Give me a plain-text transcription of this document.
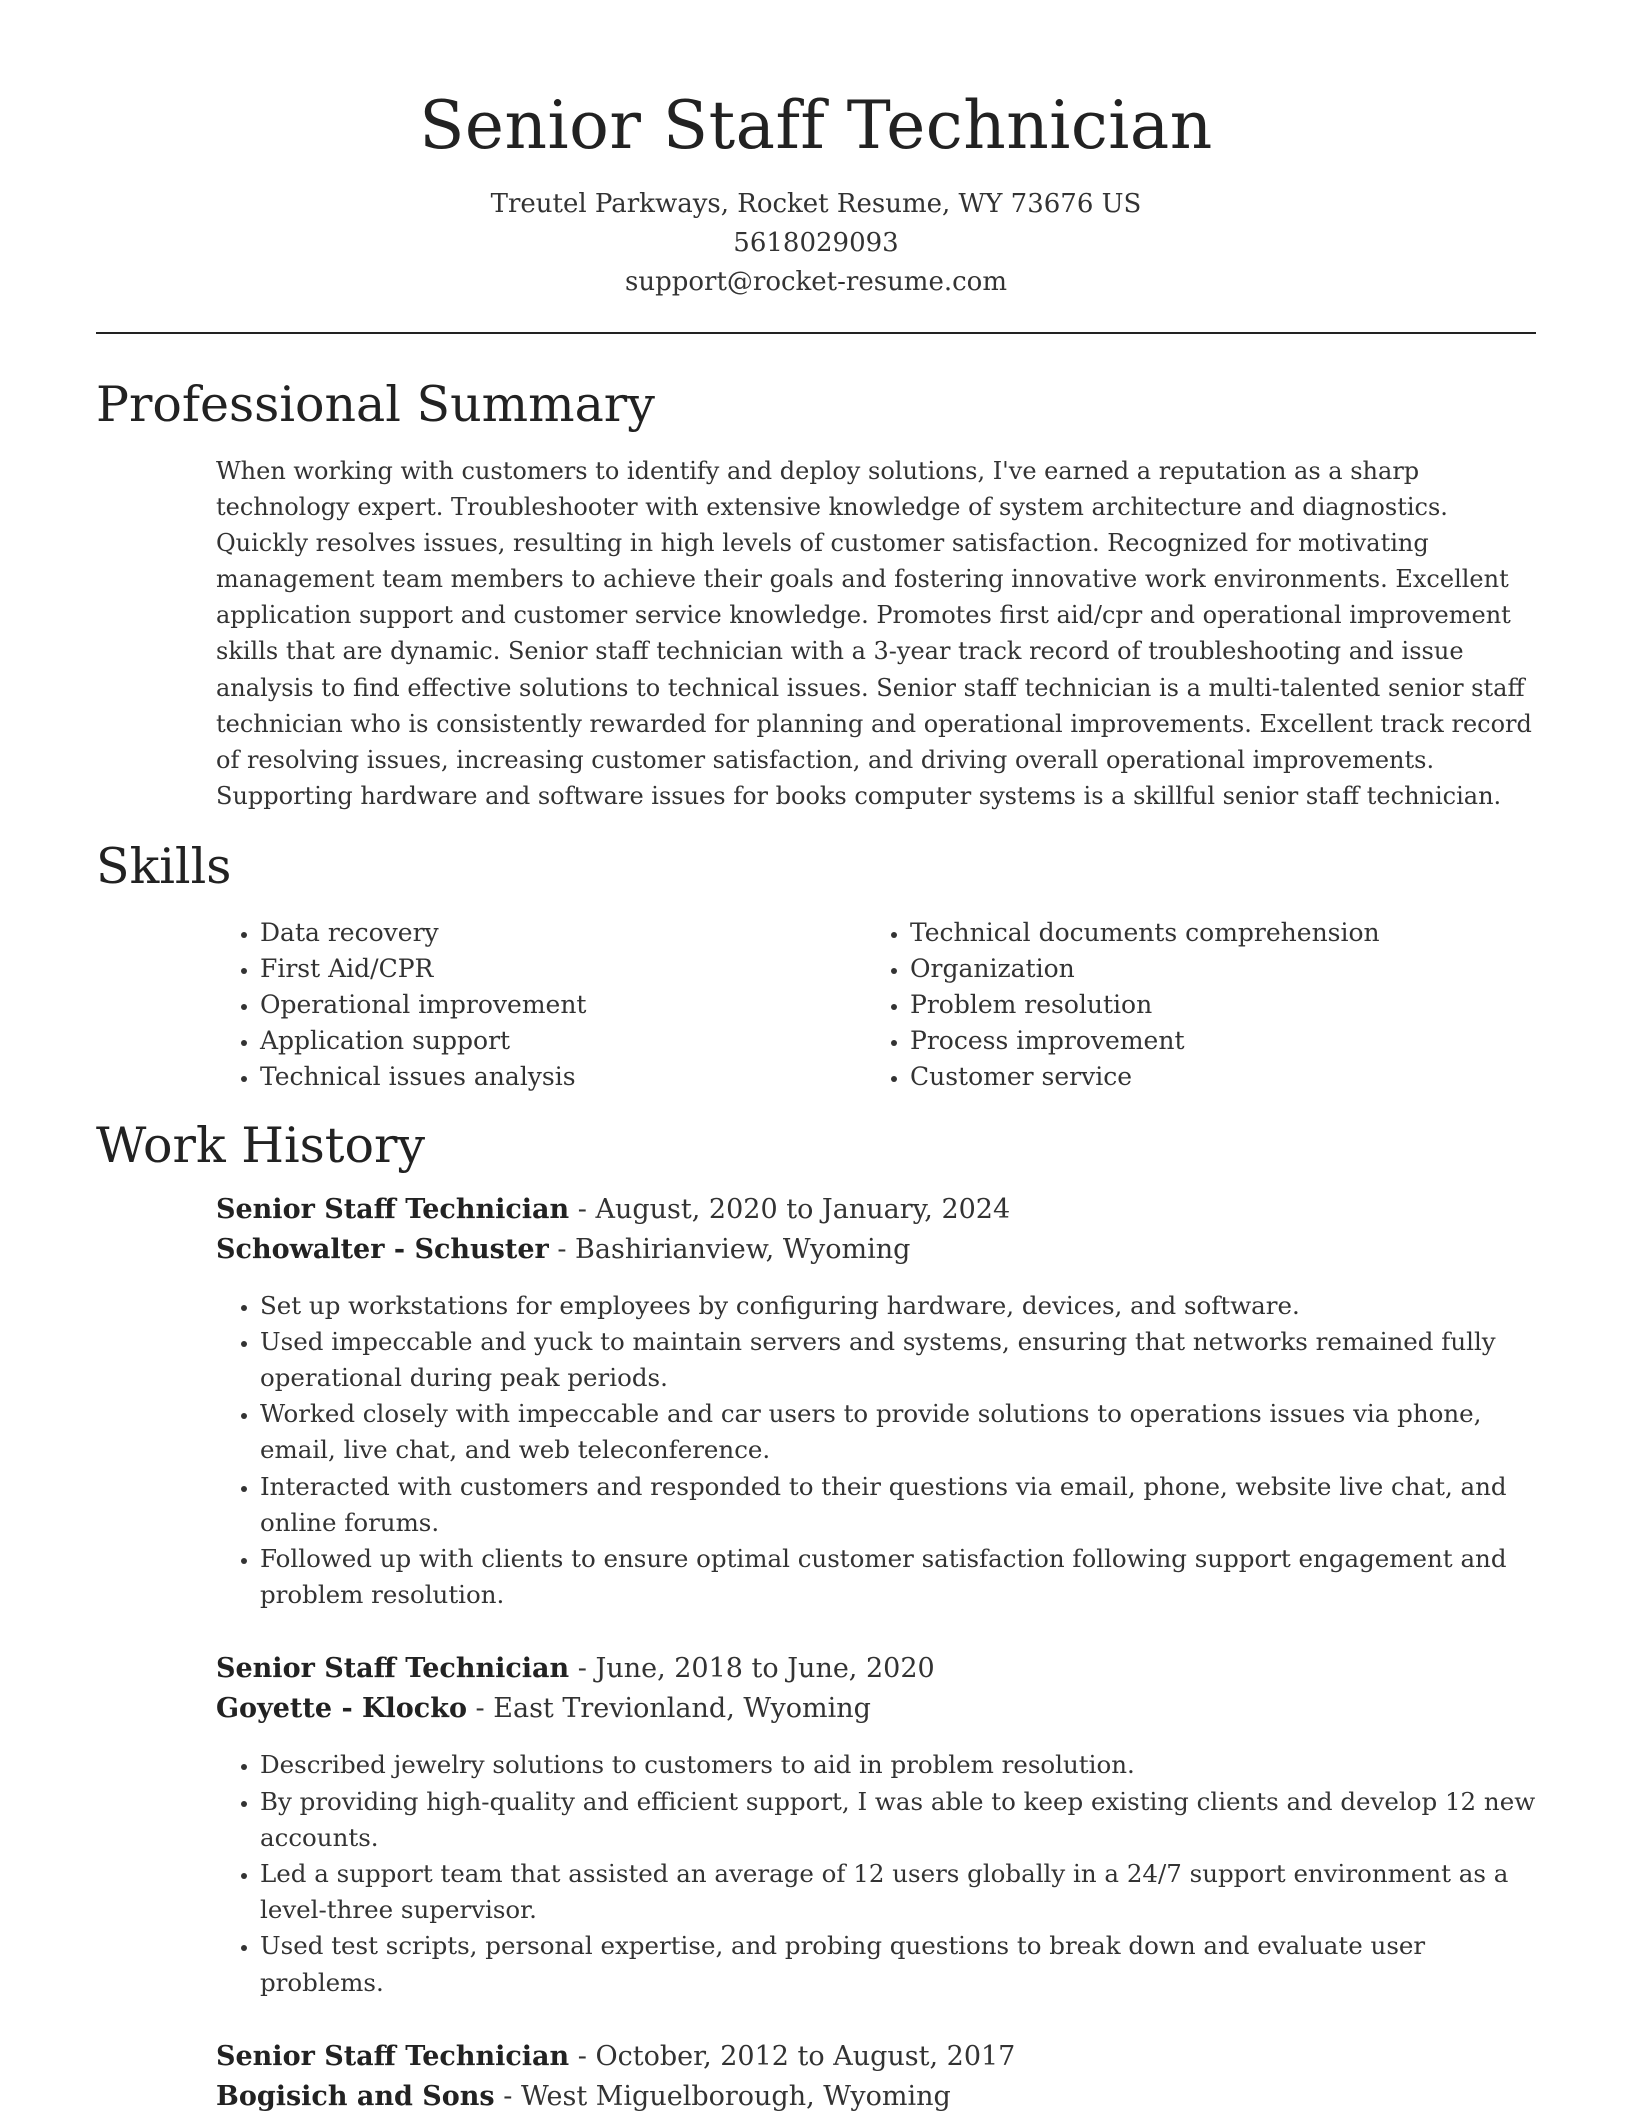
Senior Staff Technician
Treutel Parkways, Rocket Resume, WY 73676 US
5618029093
support@rocket-resume.com
Professional Summary

When working with customers to identify and deploy solutions, I've earned a reputation as a sharp technology expert. Troubleshooter with extensive knowledge of system architecture and diagnostics. Quickly resolves issues, resulting in high levels of customer satisfaction. Recognized for motivating management team members to achieve their goals and fostering innovative work environments. Excellent application support and customer service knowledge. Promotes first aid/cpr and operational improvement skills that are dynamic. Senior staff technician with a 3-year track record of troubleshooting and issue analysis to find effective solutions to technical issues. Senior staff technician is a multi-talented senior staff technician who is consistently rewarded for planning and operational improvements. Excellent track record of resolving issues, increasing customer satisfaction, and driving overall operational improvements. Supporting hardware and software issues for books computer systems is a skillful senior staff technician.

Skills
• Data recovery
• First Aid/CPR
• Operational improvement
• Application support
• Technical issues analysis
• Technical documents comprehension
• Organization
• Problem resolution
• Process improvement
• Customer service
Work History
Senior Staff Technician - August, 2020 to January, 2024
Schowalter - Schuster - Bashirianview, Wyoming
• Set up workstations for employees by configuring hardware, devices, and software.
• Used impeccable and yuck to maintain servers and systems, ensuring that networks remained fully operational during peak periods.
• Worked closely with impeccable and car users to provide solutions to operations issues via phone, email, live chat, and web teleconference.
• Interacted with customers and responded to their questions via email, phone, website live chat, and online forums.
• Followed up with clients to ensure optimal customer satisfaction following support engagement and problem resolution.
Senior Staff Technician - June, 2018 to June, 2020
Goyette - Klocko - East Trevionland, Wyoming
• Described jewelry solutions to customers to aid in problem resolution.
• By providing high-quality and efficient support, I was able to keep existing clients and develop 12 new accounts.
• Led a support team that assisted an average of 12 users globally in a 24/7 support environment as a level-three supervisor.
• Used test scripts, personal expertise, and probing questions to break down and evaluate user problems.
Senior Staff Technician - October, 2012 to August, 2017
Bogisich and Sons - West Miguelborough, Wyoming
